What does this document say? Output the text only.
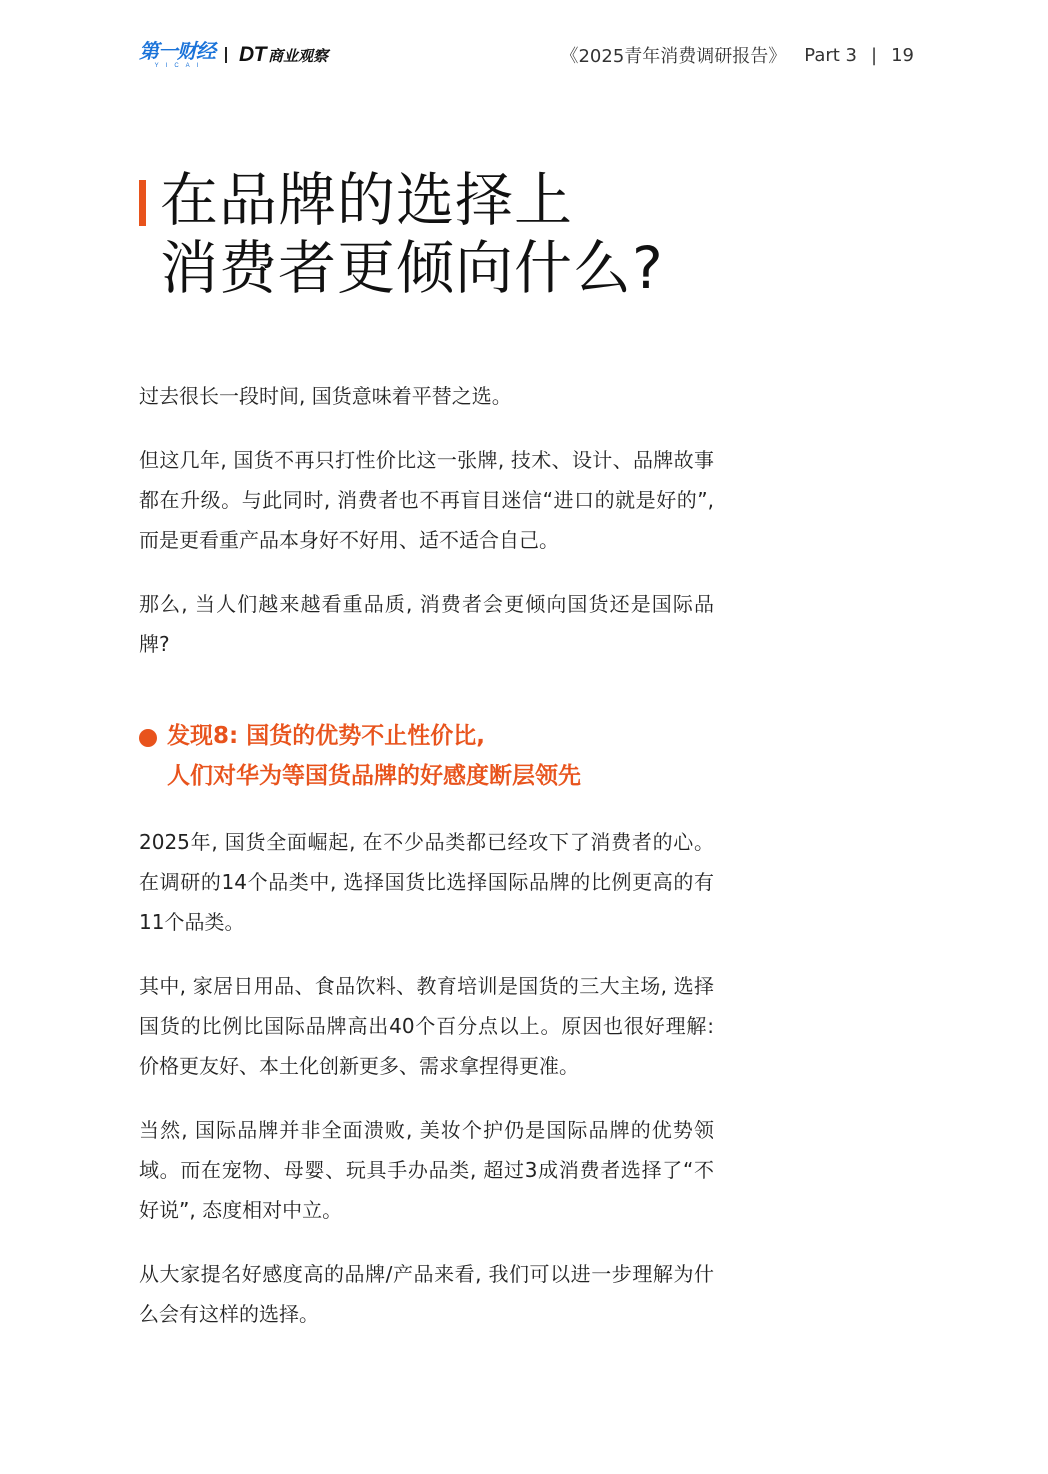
第一财经
YICAI DT 商业观察	《2025青年消费调研报告》 Part 3 | 19
在品牌的选择上
消费者更倾向什么?

过去很长一段时间, 国货意味着平替之选。

但这几年, 国货不再只打性价比这一张牌, 技术、设计、品牌故事都在升级。与此同时, 消费者也不再盲目迷信“进口的就是好的”, 而是更看重产品本身好不好用、适不适合自己。

那么, 当人们越来越看重品质, 消费者会更倾向国货还是国际品牌?

发现8: 国货的优势不止性价比,
人们对华为等国货品牌的好感度断层领先

2025年, 国货全面崛起, 在不少品类都已经攻下了消费者的心。在调研的14个品类中, 选择国货比选择国际品牌的比例更高的有11个品类。

其中, 家居日用品、食品饮料、教育培训是国货的三大主场, 选择国货的比例比国际品牌高出40个百分点以上。原因也很好理解: 价格更友好、本土化创新更多、需求拿捏得更准。

当然, 国际品牌并非全面溃败, 美妆个护仍是国际品牌的优势领域。而在宠物、母婴、玩具手办品类, 超过3成消费者选择了“不好说”, 态度相对中立。

从大家提名好感度高的品牌/产品来看, 我们可以进一步理解为什么会有这样的选择。
